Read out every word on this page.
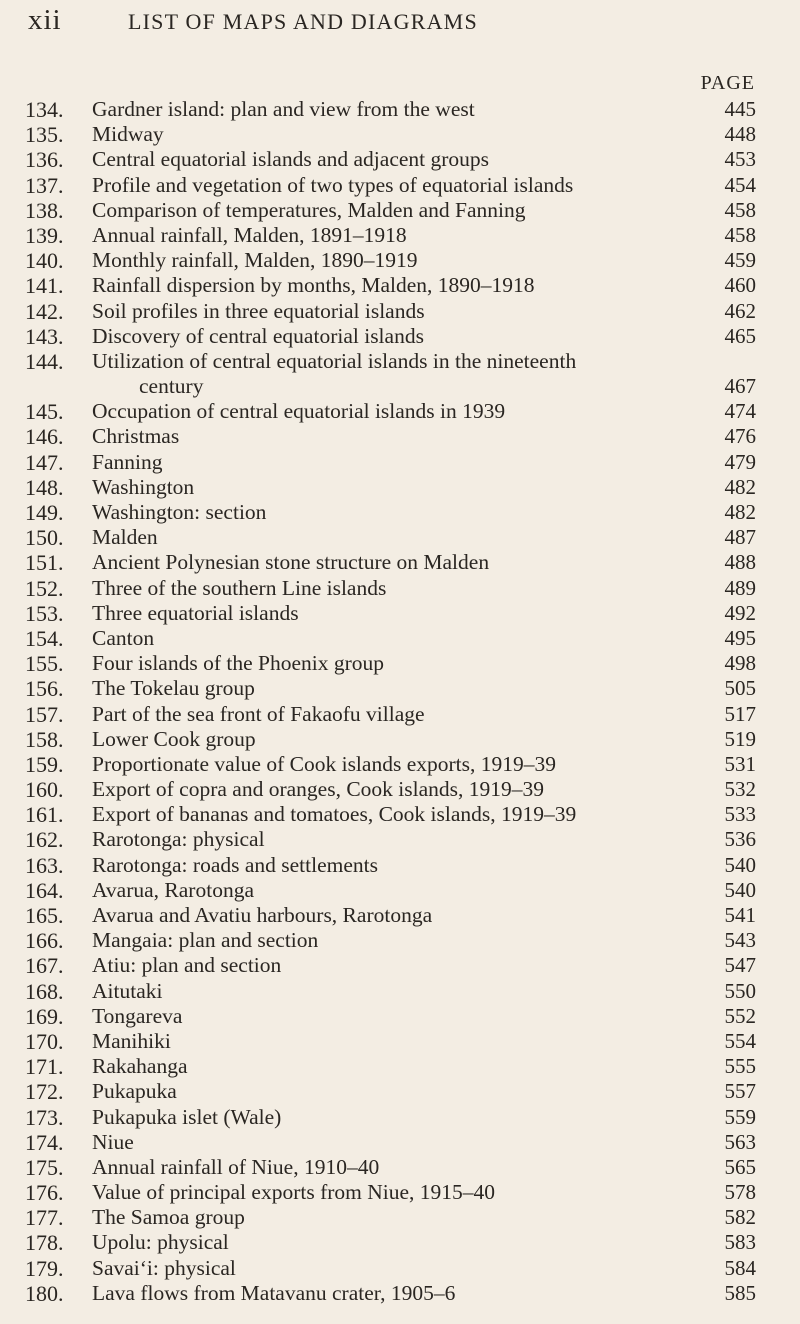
xii	LIST OF MAPS AND DIAGRAMS
PAGE
134.	Gardner island: plan and view from the west	445
135.	Midway	448
136.	Central equatorial islands and adjacent groups	453
137.	Profile and vegetation of two types of equatorial islands	454
138.	Comparison of temperatures, Malden and Fanning	458
139.	Annual rainfall, Malden, 1891–1918	458
140.	Monthly rainfall, Malden, 1890–1919	459
141.	Rainfall dispersion by months, Malden, 1890–1918	460
142.	Soil profiles in three equatorial islands	462
143.	Discovery of central equatorial islands	465
144.	Utilization of central equatorial islands in the nineteenth
century	467
145.	Occupation of central equatorial islands in 1939	474
146.	Christmas	476
147.	Fanning	479
148.	Washington	482
149.	Washington: section	482
150.	Malden	487
151.	Ancient Polynesian stone structure on Malden	488
152.	Three of the southern Line islands	489
153.	Three equatorial islands	492
154.	Canton	495
155.	Four islands of the Phoenix group	498
156.	The Tokelau group	505
157.	Part of the sea front of Fakaofu village	517
158.	Lower Cook group	519
159.	Proportionate value of Cook islands exports, 1919–39	531
160.	Export of copra and oranges, Cook islands, 1919–39	532
161.	Export of bananas and tomatoes, Cook islands, 1919–39	533
162.	Rarotonga: physical	536
163.	Rarotonga: roads and settlements	540
164.	Avarua, Rarotonga	540
165.	Avarua and Avatiu harbours, Rarotonga	541
166.	Mangaia: plan and section	543
167.	Atiu: plan and section	547
168.	Aitutaki	550
169.	Tongareva	552
170.	Manihiki	554
171.	Rakahanga	555
172.	Pukapuka	557
173.	Pukapuka islet (Wale)	559
174.	Niue	563
175.	Annual rainfall of Niue, 1910–40	565
176.	Value of principal exports from Niue, 1915–40	578
177.	The Samoa group	582
178.	Upolu: physical	583
179.	Savai‘i: physical	584
180.	Lava flows from Matavanu crater, 1905–6	585
